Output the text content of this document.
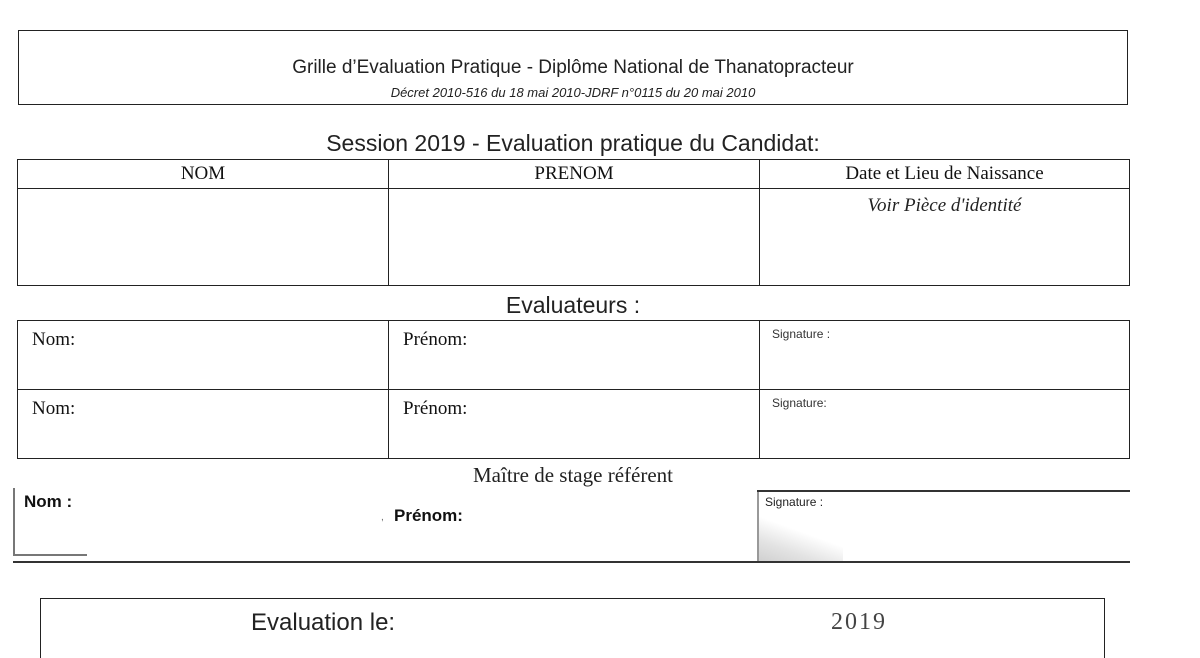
Grille d’Evaluation Pratique - Diplôme National de Thanatopracteur
Décret 2010-516 du 18 mai 2010-JDRF n°0115 du 20 mai 2010
Session 2019 - Evaluation pratique du Candidat:
NOM	PRENOM	Date et Lieu de Naissance

		Voir Pièce d'identité
Evaluateurs :
Nom:	Prénom:	Signature :

Nom:	Prénom:	Signature:
Maître de stage référent
Nom :
, Prénom:
Signature :
Evaluation le:	2019
